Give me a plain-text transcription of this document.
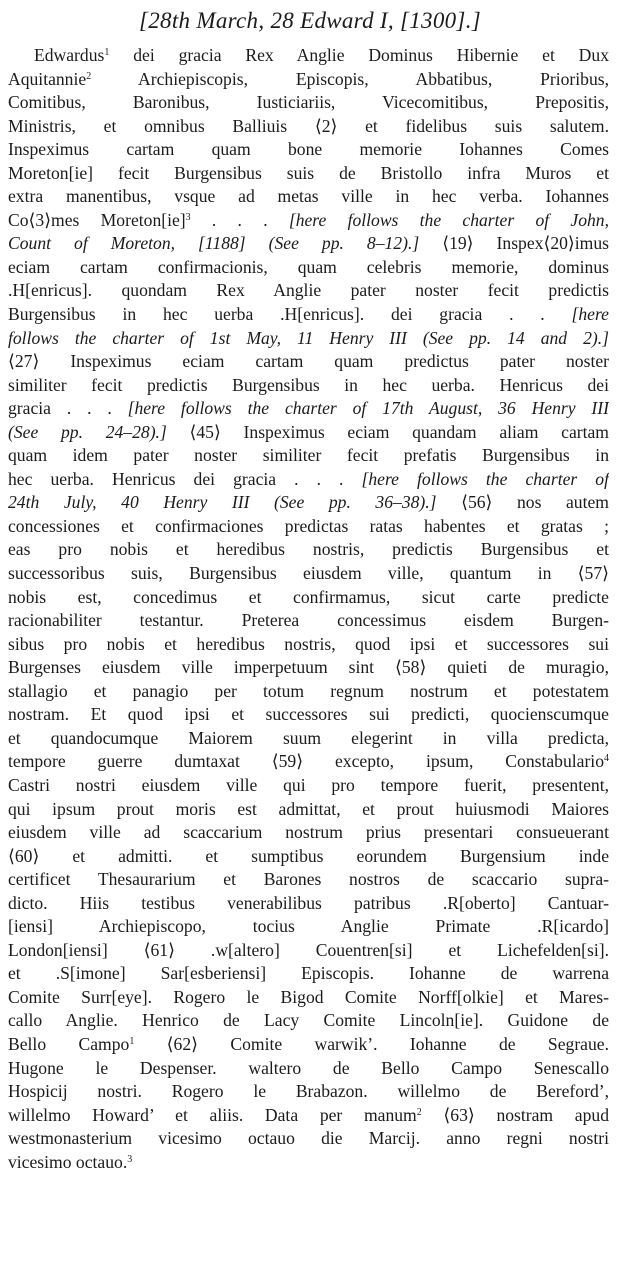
[28th March, 28 Edward I, [1300].]
Edwardus$^1$ dei gracia Rex Anglie Dominus Hibernie et Dux
Aquitannie$^2$ Archiepiscopis, Episcopis, Abbatibus, Prioribus,
Comitibus, Baronibus, Iusticiariis, Vicecomitibus, Prepositis,
Ministris, et omnibus Balliuis ⟨2⟩ et fidelibus suis salutem.
Inspeximus cartam quam bone memorie Iohannes Comes
Moreton[ie] fecit Burgensibus suis de Bristollo infra Muros et
extra manentibus, vsque ad metas ville in hec verba. Iohannes
Co⟨3⟩mes Moreton[ie]$^3$ . . . [here follows the charter of John,
Count of Moreton, [1188] (See pp. 8–12).] ⟨19⟩ Inspex⟨20⟩imus
eciam cartam confirmacionis, quam celebris memorie, dominus
.H[enricus]. quondam Rex Anglie pater noster fecit predictis
Burgensibus in hec uerba .H[enricus]. dei gracia . . [here
follows the charter of 1st May, 11 Henry III (See pp. 14 and 2).]
⟨27⟩ Inspeximus eciam cartam quam predictus pater noster
similiter fecit predictis Burgensibus in hec uerba. Henricus dei
gracia . . . [here follows the charter of 17th August, 36 Henry III
(See pp. 24–28).] ⟨45⟩ Inspeximus eciam quandam aliam cartam
quam idem pater noster similiter fecit prefatis Burgensibus in
hec uerba. Henricus dei gracia . . . [here follows the charter of
24th July, 40 Henry III (See pp. 36–38).] ⟨56⟩ nos autem
concessiones et confirmaciones predictas ratas habentes et gratas ;
eas pro nobis et heredibus nostris, predictis Burgensibus et
successoribus suis, Burgensibus eiusdem ville, quantum in ⟨57⟩
nobis est, concedimus et confirmamus, sicut carte predicte
racionabiliter testantur. Preterea concessimus eisdem Burgen-
sibus pro nobis et heredibus nostris, quod ipsi et successores sui
Burgenses eiusdem ville imperpetuum sint ⟨58⟩ quieti de muragio,
stallagio et panagio per totum regnum nostrum et potestatem
nostram. Et quod ipsi et successores sui predicti, quocienscumque
et quandocumque Maiorem suum elegerint in villa predicta,
tempore guerre dumtaxat ⟨59⟩ excepto, ipsum, Constabulario$^4$
Castri nostri eiusdem ville qui pro tempore fuerit, presentent,
qui ipsum prout moris est admittat, et prout huiusmodi Maiores
eiusdem ville ad scaccarium nostrum prius presentari consueuerant
⟨60⟩ et admitti. et sumptibus eorundem Burgensium inde
certificet Thesaurarium et Barones nostros de scaccario supra-
dicto. Hiis testibus venerabilibus patribus .R[oberto] Cantuar-
[iensi] Archiepiscopo, tocius Anglie Primate .R[icardo]
London[iensi] ⟨61⟩ .w[altero] Couentren[si] et Lichefelden[si].
et .S[imone] Sar[esberiensi] Episcopis. Iohanne de warrena
Comite Surr[eye]. Rogero le Bigod Comite Norff[olkie] et Mares-
callo Anglie. Henrico de Lacy Comite Lincoln[ie]. Guidone de
Bello Campo$^1$ ⟨62⟩ Comite warwik’. Iohanne de Segraue.
Hugone le Despenser. waltero de Bello Campo Senescallo
Hospicij nostri. Rogero le Brabazon. willelmo de Bereford’,
willelmo Howard’ et aliis. Data per manum$^2$ ⟨63⟩ nostram apud
westmonasterium vicesimo octauo die Marcij. anno regni nostri
vicesimo octauo.$^3$
